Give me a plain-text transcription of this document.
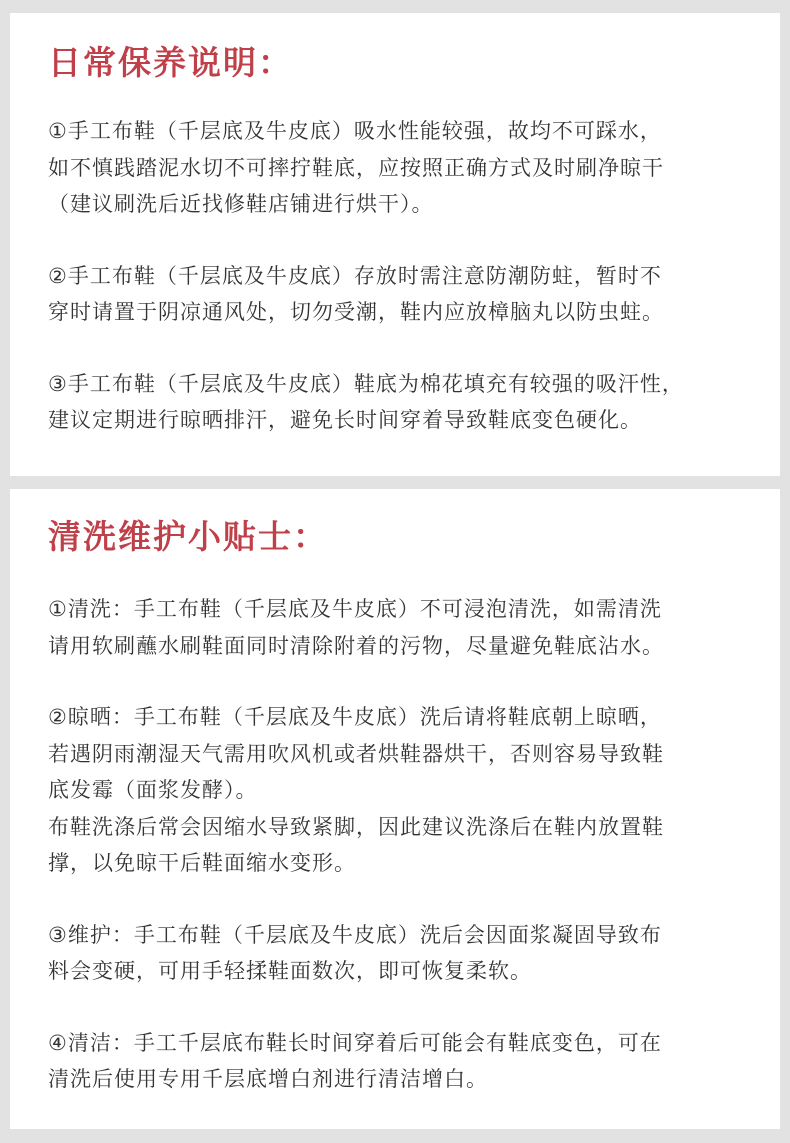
日常保养说明：

①手工布鞋（千层底及牛皮底）吸水性能较强，故均不可踩水，
如不慎践踏泥水切不可摔拧鞋底，应按照正确方式及时刷净晾干
（建议刷洗后近找修鞋店铺进行烘干）。

②手工布鞋（千层底及牛皮底）存放时需注意防潮防蛀，暂时不
穿时请置于阴凉通风处，切勿受潮，鞋内应放樟脑丸以防虫蛀。

③手工布鞋（千层底及牛皮底）鞋底为棉花填充有较强的吸汗性，
建议定期进行晾晒排汗，避免长时间穿着导致鞋底变色硬化。

清洗维护小贴士：

①清洗：手工布鞋（千层底及牛皮底）不可浸泡清洗，如需清洗
请用软刷蘸水刷鞋面同时清除附着的污物，尽量避免鞋底沾水。

②晾晒：手工布鞋（千层底及牛皮底）洗后请将鞋底朝上晾晒，
若遇阴雨潮湿天气需用吹风机或者烘鞋器烘干，否则容易导致鞋
底发霉（面浆发酵）。
布鞋洗涤后常会因缩水导致紧脚，因此建议洗涤后在鞋内放置鞋
撑，以免晾干后鞋面缩水变形。

③维护：手工布鞋（千层底及牛皮底）洗后会因面浆凝固导致布
料会变硬，可用手轻揉鞋面数次，即可恢复柔软。

④清洁：手工千层底布鞋长时间穿着后可能会有鞋底变色，可在
清洗后使用专用千层底增白剂进行清洁增白。
